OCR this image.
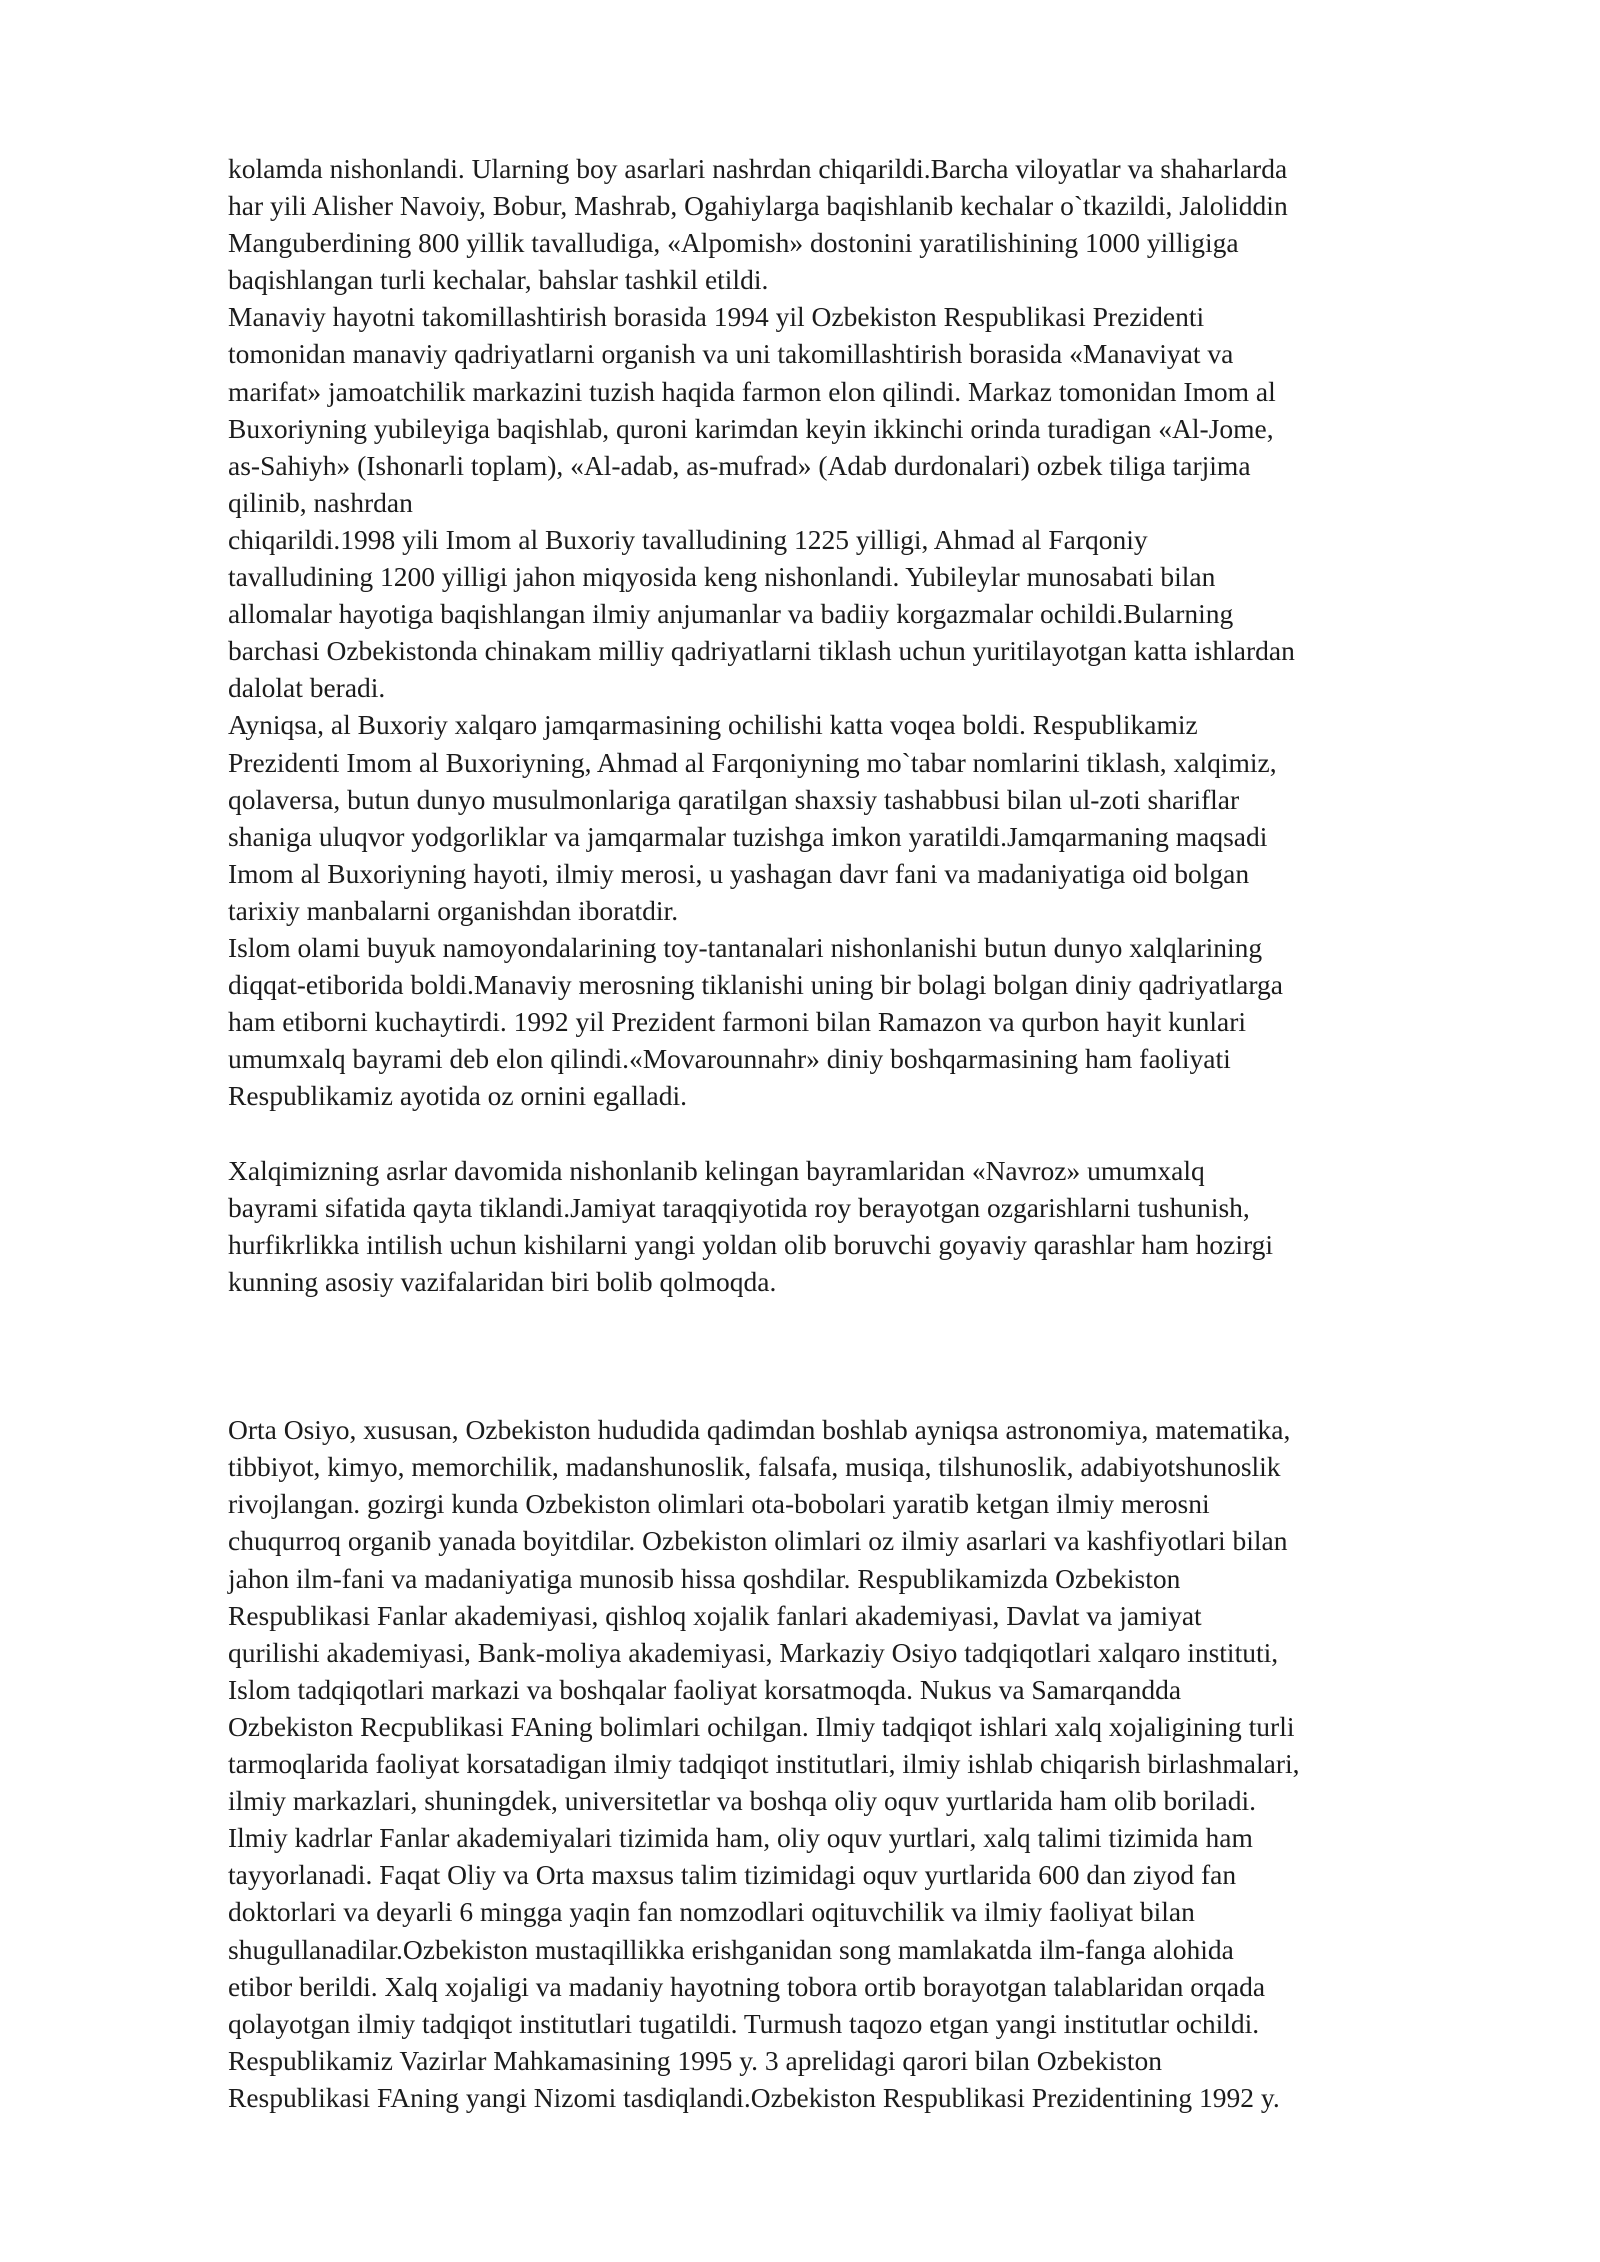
kolamda nishonlandi. Ularning boy asarlari nashrdan chiqarildi.Barcha viloyatlar va shaharlarda
har yili Alisher Navoiy, Bobur, Mashrab, Ogahiylarga baqishlanib kechalar o`tkazildi, Jaloliddin
Manguberdining 800 yillik tavalludiga, «Alpomish» dostonini yaratilishining 1000 yilligiga
baqishlangan turli kechalar, bahslar tashkil etildi.
Manaviy hayotni takomillashtirish borasida 1994 yil Ozbekiston Respublikasi Prezidenti
tomonidan manaviy qadriyatlarni organish va uni takomillashtirish borasida «Manaviyat va
marifat» jamoatchilik markazini tuzish haqida farmon elon qilindi. Markaz tomonidan Imom al
Buxoriyning yubileyiga baqishlab, quroni karimdan keyin ikkinchi orinda turadigan «Al-Jome,
as-Sahiyh» (Ishonarli toplam), «Al-adab, as-mufrad» (Adab durdonalari) ozbek tiliga tarjima
qilinib, nashrdan
chiqarildi.1998 yili Imom al Buxoriy tavalludining 1225 yilligi, Ahmad al Farqoniy
tavalludining 1200 yilligi jahon miqyosida keng nishonlandi. Yubileylar munosabati bilan
allomalar hayotiga baqishlangan ilmiy anjumanlar va badiiy korgazmalar ochildi.Bularning
barchasi Ozbekistonda chinakam milliy qadriyatlarni tiklash uchun yuritilayotgan katta ishlardan
dalolat beradi.
Ayniqsa, al Buxoriy xalqaro jamqarmasining ochilishi katta voqea boldi. Respublikamiz
Prezidenti Imom al Buxoriyning, Ahmad al Farqoniyning mo`tabar nomlarini tiklash, xalqimiz,
qolaversa, butun dunyo musulmonlariga qaratilgan shaxsiy tashabbusi bilan ul-zoti shariflar
shaniga uluqvor yodgorliklar va jamqarmalar tuzishga imkon yaratildi.Jamqarmaning maqsadi
Imom al Buxoriyning hayoti, ilmiy merosi, u yashagan davr fani va madaniyatiga oid bolgan
tarixiy manbalarni organishdan iboratdir.
Islom olami buyuk namoyondalarining toy-tantanalari nishonlanishi butun dunyo xalqlarining
diqqat-etiborida boldi.Manaviy merosning tiklanishi uning bir bolagi bolgan diniy qadriyatlarga
ham etiborni kuchaytirdi. 1992 yil Prezident farmoni bilan Ramazon va qurbon hayit kunlari
umumxalq bayrami deb elon qilindi.«Movarounnahr» diniy boshqarmasining ham faoliyati
Respublikamiz ayotida oz ornini egalladi.
Xalqimizning asrlar davomida nishonlanib kelingan bayramlaridan «Navroz» umumxalq
bayrami sifatida qayta tiklandi.Jamiyat taraqqiyotida roy berayotgan ozgarishlarni tushunish,
hurfikrlikka intilish uchun kishilarni yangi yoldan olib boruvchi goyaviy qarashlar ham hozirgi
kunning asosiy vazifalaridan biri bolib qolmoqda.
Orta Osiyo, xususan, Ozbekiston hududida qadimdan boshlab ayniqsa astronomiya, matematika,
tibbiyot, kimyo, memorchilik, madanshunoslik, falsafa, musiqa, tilshunoslik, adabiyotshunoslik
rivojlangan. gozirgi kunda Ozbekiston olimlari ota-bobolari yaratib ketgan ilmiy merosni
chuqurroq organib yanada boyitdilar. Ozbekiston olimlari oz ilmiy asarlari va kashfiyotlari bilan
jahon ilm-fani va madaniyatiga munosib hissa qoshdilar. Respublikamizda Ozbekiston
Respublikasi Fanlar akademiyasi, qishloq xojalik fanlari akademiyasi, Davlat va jamiyat
qurilishi akademiyasi, Bank-moliya akademiyasi, Markaziy Osiyo tadqiqotlari xalqaro instituti,
Islom tadqiqotlari markazi va boshqalar faoliyat korsatmoqda. Nukus va Samarqandda
Ozbekiston Recpublikasi FAning bolimlari ochilgan. Ilmiy tadqiqot ishlari xalq xojaligining turli
tarmoqlarida faoliyat korsatadigan ilmiy tadqiqot institutlari, ilmiy ishlab chiqarish birlashmalari,
ilmiy markazlari, shuningdek, universitetlar va boshqa oliy oquv yurtlarida ham olib boriladi.
Ilmiy kadrlar Fanlar akademiyalari tizimida ham, oliy oquv yurtlari, xalq talimi tizimida ham
tayyorlanadi. Faqat Oliy va Orta maxsus talim tizimidagi oquv yurtlarida 600 dan ziyod fan
doktorlari va deyarli 6 mingga yaqin fan nomzodlari oqituvchilik va ilmiy faoliyat bilan
shugullanadilar.Ozbekiston mustaqillikka erishganidan song mamlakatda ilm-fanga alohida
etibor berildi. Xalq xojaligi va madaniy hayotning tobora ortib borayotgan talablaridan orqada
qolayotgan ilmiy tadqiqot institutlari tugatildi. Turmush taqozo etgan yangi institutlar ochildi.
Respublikamiz Vazirlar Mahkamasining 1995 y. 3 aprelidagi qarori bilan Ozbekiston
Respublikasi FAning yangi Nizomi tasdiqlandi.Ozbekiston Respublikasi Prezidentining 1992 y.
